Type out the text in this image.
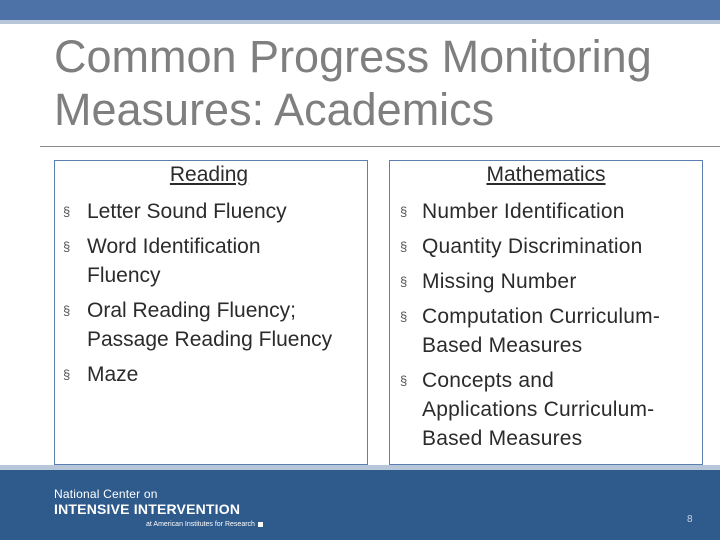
Common Progress Monitoring
Measures: Academics
Reading
§ Letter Sound Fluency
§ Word Identification
Fluency
§ Oral Reading Fluency;
Passage Reading Fluency
§ Maze
Mathematics
§ Number Identification
§ Quantity Discrimination
§ Missing Number
§ Computation Curriculum-
Based Measures
§ Concepts and
Applications Curriculum-
Based Measures
National Center on
INTENSIVE INTERVENTION
at American Institutes for Research	8
